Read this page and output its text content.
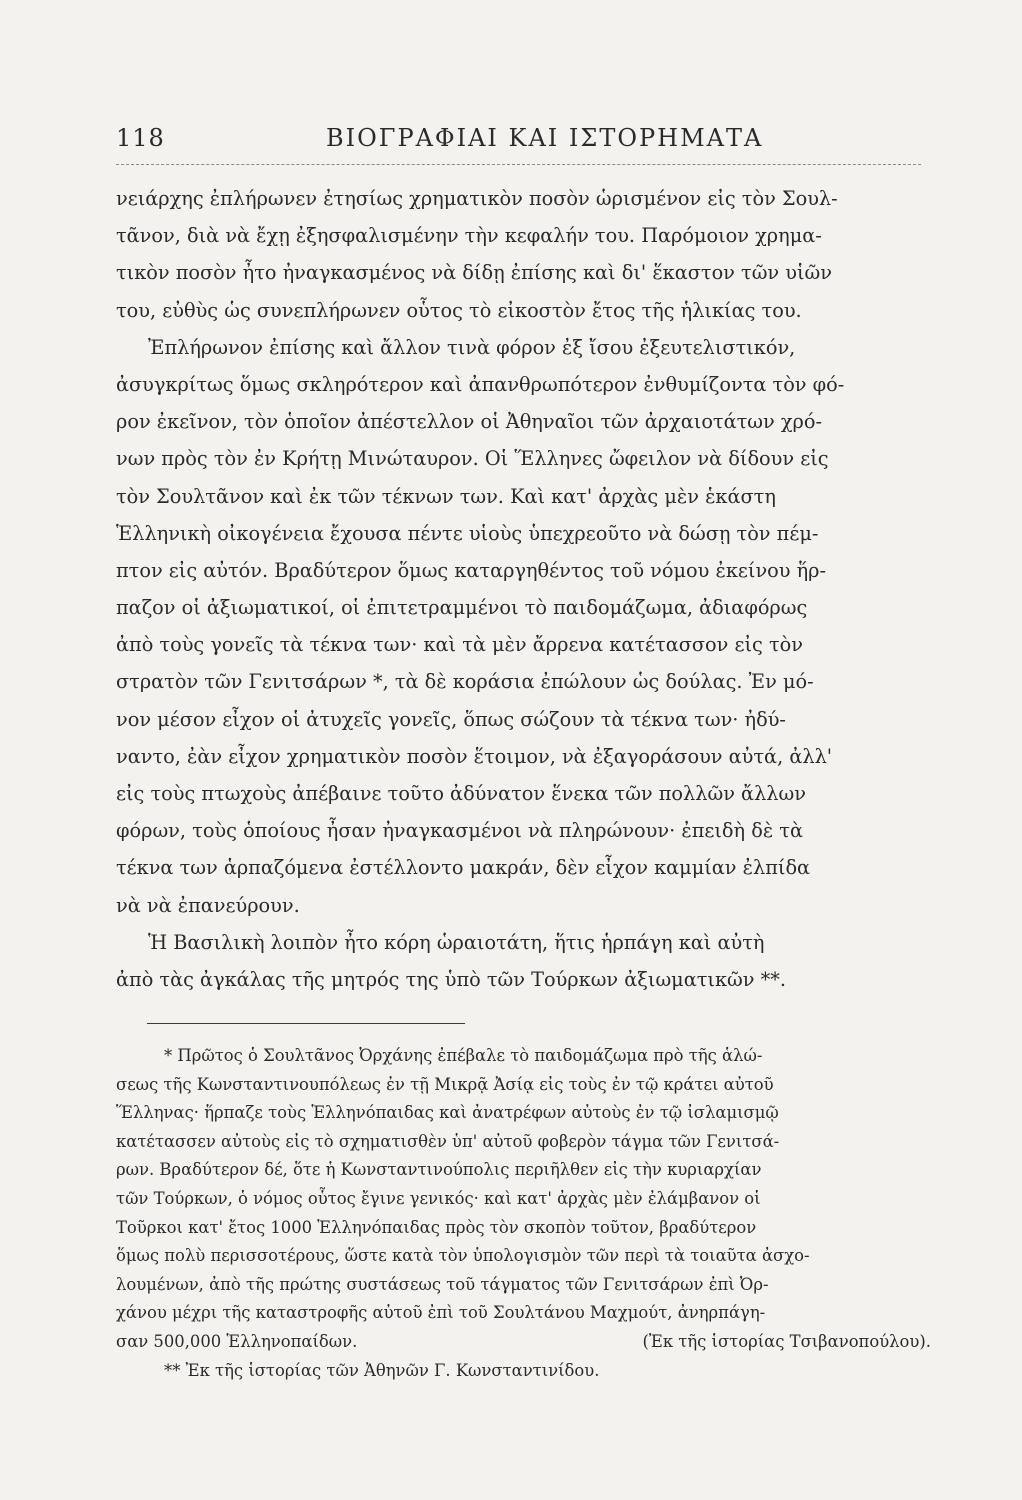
118	ΒΙΟΓΡΑΦΙΑΙ ΚΑΙ ΙΣΤΟΡΗΜΑΤΑ
νειάρχης ἐπλήρωνεν ἐτησίως χρηματικὸν ποσὸν ὡρισμένον εἰς τὸν Σουλ-
τᾶνον, διὰ νὰ ἔχῃ ἐξησφαλισμένην τὴν κεφαλήν του. Παρόμοιον χρημα-
τικὸν ποσὸν ἦτο ἠναγκασμένος νὰ δίδῃ ἐπίσης καὶ δι' ἕκαστον τῶν υἱῶν
του, εὐθὺς ὡς συνεπλήρωνεν οὗτος τὸ εἰκοστὸν ἔτος τῆς ἡλικίας του.
Ἐπλήρωνον ἐπίσης καὶ ἄλλον τινὰ φόρον ἐξ ἴσου ἐξευτελιστικόν,
ἀσυγκρίτως ὅμως σκληρότερον καὶ ἀπανθρωπότερον ἐνθυμίζοντα τὸν φό-
ρον ἐκεῖνον, τὸν ὁποῖον ἀπέστελλον οἱ Ἀθηναῖοι τῶν ἀρχαιοτάτων χρό-
νων πρὸς τὸν ἐν Κρήτῃ Μινώταυρον. Οἱ Ἕλληνες ὤφειλον νὰ δίδουν εἰς
τὸν Σουλτᾶνον καὶ ἐκ τῶν τέκνων των. Καὶ κατ' ἀρχὰς μὲν ἑκάστη
Ἑλληνικὴ οἰκογένεια ἔχουσα πέντε υἱοὺς ὑπεχρεοῦτο νὰ δώσῃ τὸν πέμ-
πτον εἰς αὐτόν. Βραδύτερον ὅμως καταργηθέντος τοῦ νόμου ἐκείνου ἥρ-
παζον οἱ ἀξιωματικοί, οἱ ἐπιτετραμμένοι τὸ παιδομάζωμα, ἀδιαφόρως
ἀπὸ τοὺς γονεῖς τὰ τέκνα των· καὶ τὰ μὲν ἄρρενα κατέτασσον εἰς τὸν
στρατὸν τῶν Γενιτσάρων *, τὰ δὲ κοράσια ἐπώλουν ὡς δούλας. Ἐν μό-
νον μέσον εἶχον οἱ ἀτυχεῖς γονεῖς, ὅπως σώζουν τὰ τέκνα των· ἠδύ-
ναντο, ἐὰν εἶχον χρηματικὸν ποσὸν ἕτοιμον, νὰ ἐξαγοράσουν αὐτά, ἀλλ'
εἰς τοὺς πτωχοὺς ἀπέβαινε τοῦτο ἀδύνατον ἕνεκα τῶν πολλῶν ἄλλων
φόρων, τοὺς ὁποίους ἦσαν ἠναγκασμένοι νὰ πληρώνουν· ἐπειδὴ δὲ τὰ
τέκνα των ἁρπαζόμενα ἐστέλλοντο μακράν, δὲν εἶχον καμμίαν ἐλπίδα
νὰ νὰ ἐπανεύρουν.
Ἡ Βασιλικὴ λοιπὸν ἦτο κόρη ὡραιοτάτη, ἥτις ἡρπάγη καὶ αὐτὴ
ἀπὸ τὰς ἀγκάλας τῆς μητρός της ὑπὸ τῶν Τούρκων ἀξιωματικῶν **.
* Πρῶτος ὁ Σουλτᾶνος Ὀρχάνης ἐπέβαλε τὸ παιδομάζωμα πρὸ τῆς ἁλώ-
σεως τῆς Κωνσταντινουπόλεως ἐν τῇ Μικρᾷ Ἀσίᾳ εἰς τοὺς ἐν τῷ κράτει αὐτοῦ
Ἕλληνας· ἥρπαζε τοὺς Ἑλληνόπαιδας καὶ ἀνατρέφων αὐτοὺς ἐν τῷ ἰσλαμισμῷ
κατέτασσεν αὐτοὺς εἰς τὸ σχηματισθὲν ὑπ' αὐτοῦ φοβερὸν τάγμα τῶν Γενιτσά-
ρων. Βραδύτερον δέ, ὅτε ἡ Κωνσταντινούπολις περιῆλθεν εἰς τὴν κυριαρχίαν
τῶν Τούρκων, ὁ νόμος οὗτος ἔγινε γενικός· καὶ κατ' ἀρχὰς μὲν ἐλάμβανον οἱ
Τοῦρκοι κατ' ἔτος 1000 Ἑλληνόπαιδας πρὸς τὸν σκοπὸν τοῦτον, βραδύτερον
ὅμως πολὺ περισσοτέρους, ὥστε κατὰ τὸν ὑπολογισμὸν τῶν περὶ τὰ τοιαῦτα ἀσχο-
λουμένων, ἀπὸ τῆς πρώτης συστάσεως τοῦ τάγματος τῶν Γενιτσάρων ἐπὶ Ὀρ-
χάνου μέχρι τῆς καταστροφῆς αὐτοῦ ἐπὶ τοῦ Σουλτάνου Μαχμούτ, ἀνηρπάγη-
σαν 500,000 Ἑλληνοπαίδων.	(Ἐκ τῆς ἱστορίας Τσιβανοπούλου).
** Ἐκ τῆς ἱστορίας τῶν Ἀθηνῶν Γ. Κωνσταντινίδου.
